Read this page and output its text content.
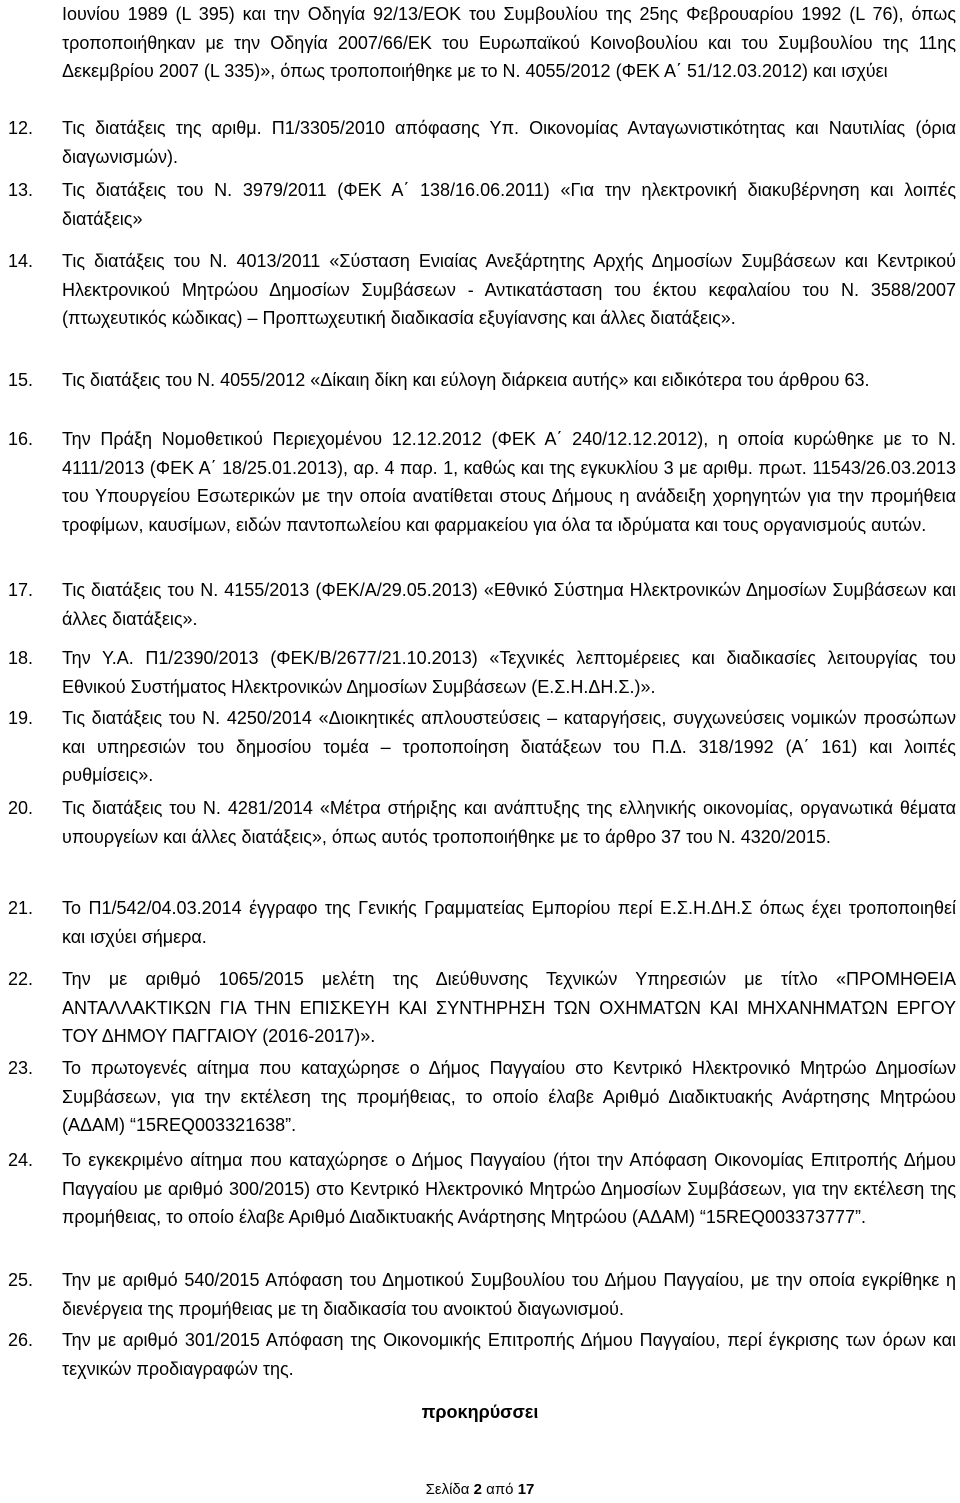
Ιουνίου 1989 (L 395) και την Οδηγία 92/13/ΕΟΚ του Συμβουλίου της 25ης Φεβρουαρίου 1992 (L 76), όπως τροποποιήθηκαν με την Οδηγία 2007/66/ΕΚ του Ευρωπαϊκού Κοινοβουλίου και του Συμβουλίου της 11ης Δεκεμβρίου 2007 (L 335)», όπως τροποποιήθηκε με το Ν. 4055/2012 (ΦΕΚ Α΄ 51/12.03.2012) και ισχύει
12.	Τις διατάξεις της αριθμ. Π1/3305/2010 απόφασης Υπ. Οικονομίας Ανταγωνιστικότητας και Ναυτιλίας (όρια διαγωνισμών).
13.	Τις διατάξεις του Ν. 3979/2011 (ΦΕΚ Α΄ 138/16.06.2011) «Για την ηλεκτρονική διακυβέρνηση και λοιπές διατάξεις»
14.	Τις διατάξεις του Ν. 4013/2011 «Σύσταση Ενιαίας Ανεξάρτητης Αρχής Δημοσίων Συμβάσεων και Κεντρικού Ηλεκτρονικού Μητρώου Δημοσίων Συμβάσεων - Αντικατάσταση του έκτου κεφαλαίου του Ν. 3588/2007 (πτωχευτικός κώδικας) – Προπτωχευτική διαδικασία εξυγίανσης και άλλες διατάξεις».
15.	Τις διατάξεις του Ν. 4055/2012 «Δίκαιη δίκη και εύλογη διάρκεια αυτής» και ειδικότερα του άρθρου 63.
16.	Την Πράξη Νομοθετικού Περιεχομένου 12.12.2012 (ΦΕΚ Α΄ 240/12.12.2012), η οποία κυρώθηκε με το Ν. 4111/2013 (ΦΕΚ Α΄ 18/25.01.2013), αρ. 4 παρ. 1, καθώς και της εγκυκλίου 3 με αριθμ. πρωτ. 11543/26.03.2013 του Υπουργείου Εσωτερικών με την οποία ανατίθεται στους Δήμους η ανάδειξη χορηγητών για την προμήθεια τροφίμων, καυσίμων, ειδών παντοπωλείου και φαρμακείου για όλα τα ιδρύματα και τους οργανισμούς αυτών.
17.	Τις διατάξεις του Ν. 4155/2013 (ΦΕΚ/Α/29.05.2013) «Εθνικό Σύστημα Ηλεκτρονικών Δημοσίων Συμβάσεων και άλλες διατάξεις».
18.	Την Υ.Α. Π1/2390/2013 (ΦΕΚ/Β/2677/21.10.2013) «Τεχνικές λεπτομέρειες και διαδικασίες λειτουργίας του Εθνικού Συστήματος Ηλεκτρονικών Δημοσίων Συμβάσεων (Ε.Σ.Η.ΔΗ.Σ.)».
19.	Τις διατάξεις του Ν. 4250/2014 «Διοικητικές απλουστεύσεις – καταργήσεις, συγχωνεύσεις νομικών προσώπων και υπηρεσιών του δημοσίου τομέα – τροποποίηση διατάξεων του Π.Δ. 318/1992 (Α΄ 161) και λοιπές ρυθμίσεις».
20.	Τις διατάξεις του Ν. 4281/2014 «Μέτρα στήριξης και ανάπτυξης της ελληνικής οικονομίας, οργανωτικά θέματα υπουργείων και άλλες διατάξεις», όπως αυτός τροποποιήθηκε με το άρθρο 37 του Ν. 4320/2015.
21.	Το Π1/542/04.03.2014 έγγραφο της Γενικής Γραμματείας Εμπορίου περί Ε.Σ.Η.ΔΗ.Σ όπως έχει τροποποιηθεί και ισχύει σήμερα.
22.	Την με αριθμό 1065/2015 μελέτη της Διεύθυνσης Τεχνικών Υπηρεσιών με τίτλο «ΠΡΟΜΗΘΕΙΑ ΑΝΤΑΛΛΑΚΤΙΚΩΝ ΓΙΑ ΤΗΝ ΕΠΙΣΚΕΥΗ ΚΑΙ ΣΥΝΤΗΡΗΣΗ ΤΩΝ ΟΧΗΜΑΤΩΝ ΚΑΙ ΜΗΧΑΝΗΜΑΤΩΝ ΕΡΓΟΥ ΤΟΥ ΔΗΜΟΥ ΠΑΓΓΑΙΟΥ (2016-2017)».
23.	Το πρωτογενές αίτημα που καταχώρησε ο Δήμος Παγγαίου στο Κεντρικό Ηλεκτρονικό Μητρώο Δημοσίων Συμβάσεων, για την εκτέλεση της προμήθειας, το οποίο έλαβε Αριθμό Διαδικτυακής Ανάρτησης Μητρώου (ΑΔΑΜ) “15REQ003321638”.
24.	Το εγκεκριμένο αίτημα που καταχώρησε ο Δήμος Παγγαίου (ήτοι την Απόφαση Οικονομίας Επιτροπής Δήμου Παγγαίου με αριθμό 300/2015) στο Κεντρικό Ηλεκτρονικό Μητρώο Δημοσίων Συμβάσεων, για την εκτέλεση της προμήθειας, το οποίο έλαβε Αριθμό Διαδικτυακής Ανάρτησης Μητρώου (ΑΔΑΜ) “15REQ003373777”.
25.	Την με αριθμό 540/2015 Απόφαση του Δημοτικού Συμβουλίου του Δήμου Παγγαίου, με την οποία εγκρίθηκε η διενέργεια της προμήθειας με τη διαδικασία του ανοικτού διαγωνισμού.
26.	Την με αριθμό 301/2015 Απόφαση της Οικονομικής Επιτροπής Δήμου Παγγαίου, περί έγκρισης των όρων και τεχνικών προδιαγραφών της.
προκηρύσσει
Σελίδα 2 από 17
